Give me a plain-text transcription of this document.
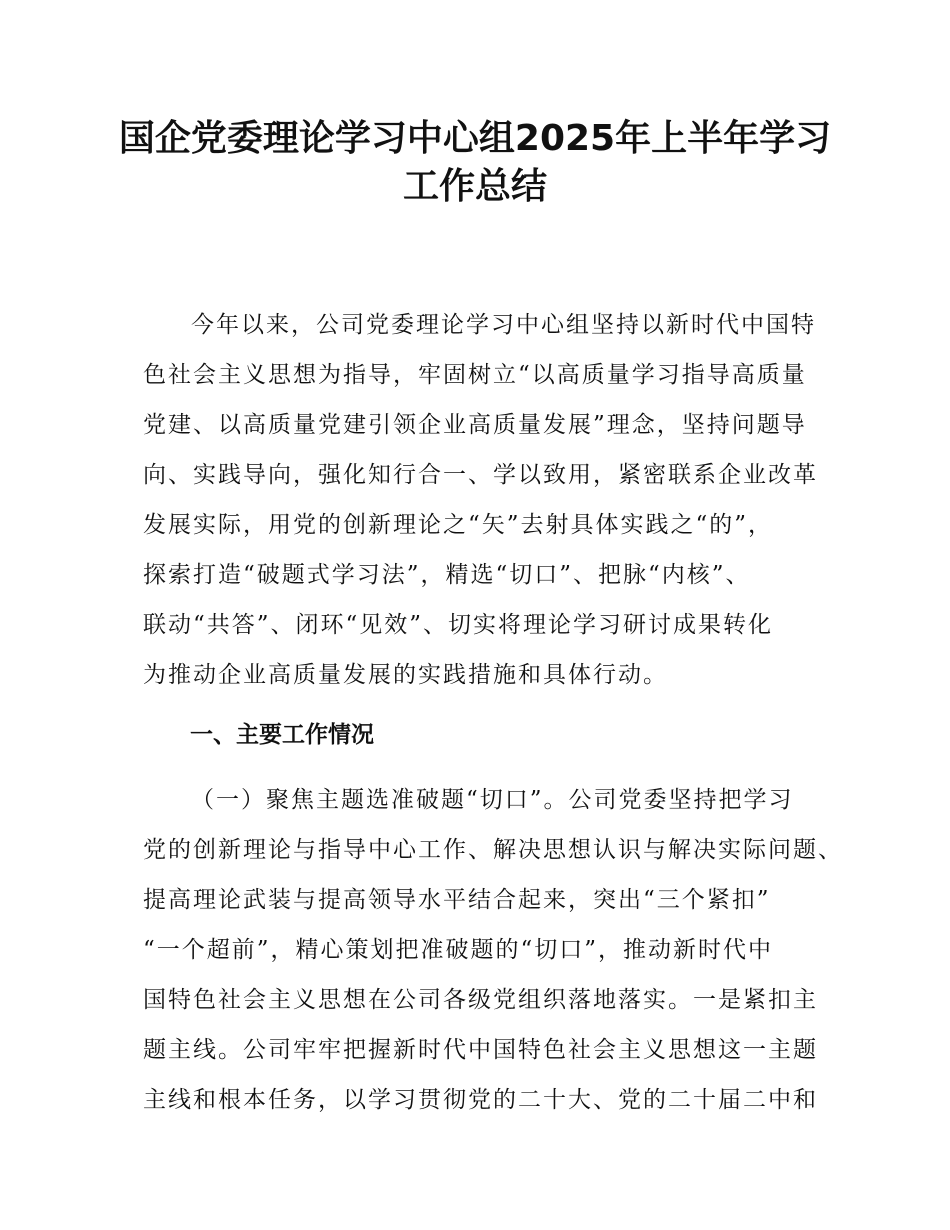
国企党委理论学习中心组2025年上半年学习
工作总结
今年以来，公司党委理论学习中心组坚持以新时代中国特
色社会主义思想为指导，牢固树立“以高质量学习指导高质量
党建、以高质量党建引领企业高质量发展”理念，坚持问题导
向、实践导向，强化知行合一、学以致用，紧密联系企业改革
发展实际，用党的创新理论之“矢”去射具体实践之“的”，
探索打造“破题式学习法”，精选“切口”、把脉“内核”、
联动“共答”、闭环“见效”、切实将理论学习研讨成果转化
为推动企业高质量发展的实践措施和具体行动。
一、主要工作情况
（一）聚焦主题选准破题“切口”。公司党委坚持把学习
党的创新理论与指导中心工作、解决思想认识与解决实际问题、
提高理论武装与提高领导水平结合起来，突出“三个紧扣”
“一个超前”，精心策划把准破题的“切口”，推动新时代中
国特色社会主义思想在公司各级党组织落地落实。一是紧扣主
题主线。公司牢牢把握新时代中国特色社会主义思想这一主题
主线和根本任务，以学习贯彻党的二十大、党的二十届二中和
